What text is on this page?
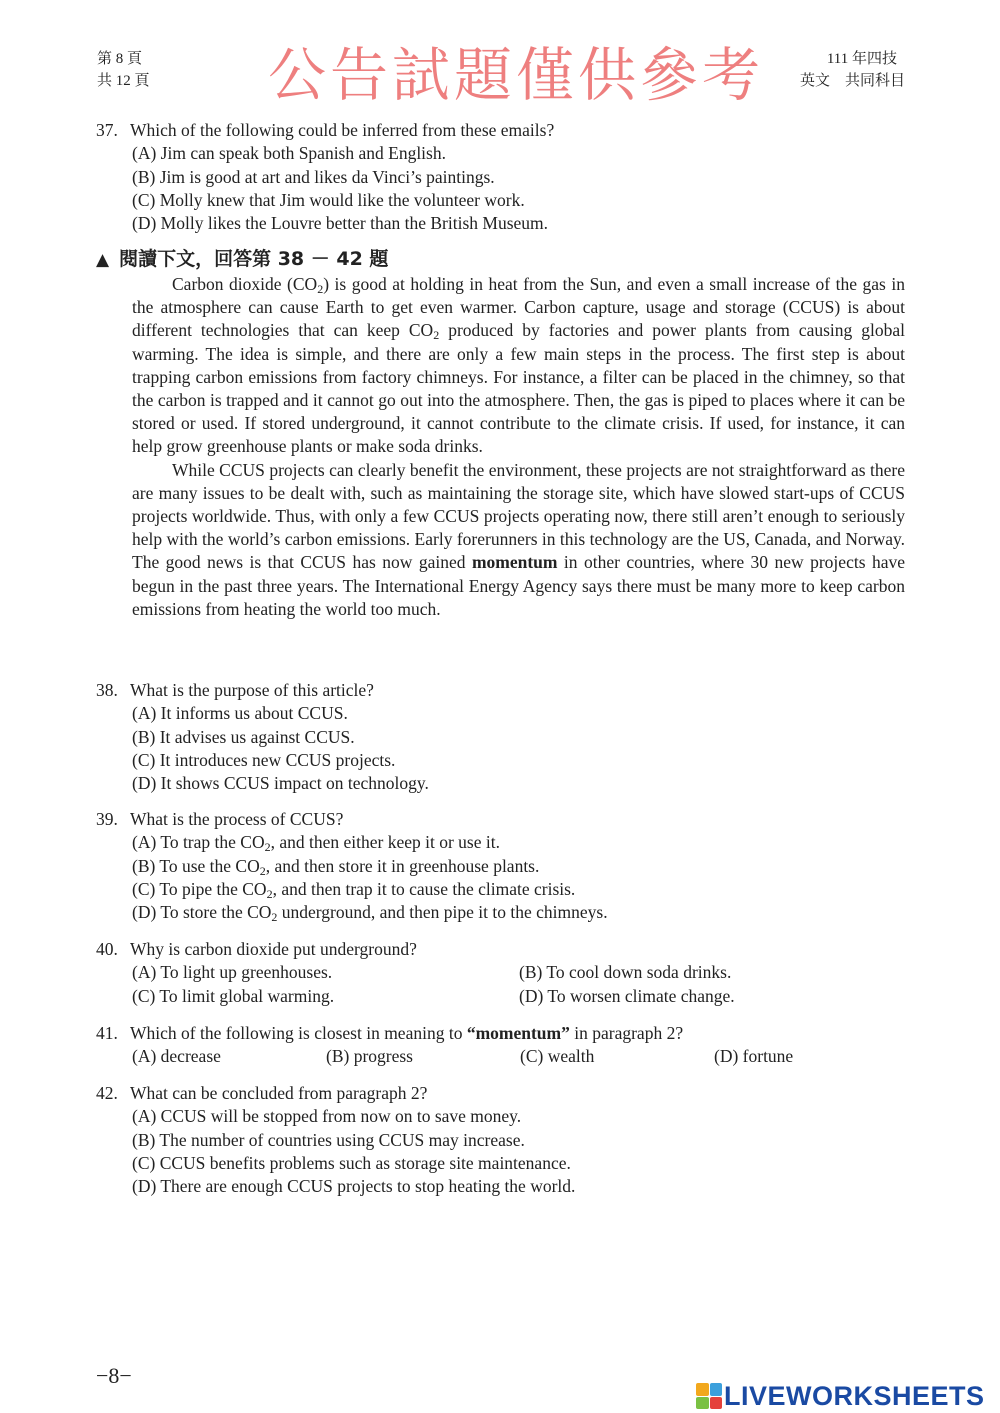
第 8 頁
共 12 頁 公告試題僅供參考	111 年四技
英文　共同科目
37. Which of the following could be inferred from these emails?
(A) Jim can speak both Spanish and English.
(B) Jim is good at art and likes da Vinci’s paintings.
(C) Molly knew that Jim would like the volunteer work.
(D) Molly likes the Louvre better than the British Museum.
▲ 閱讀下文，回答第 38 － 42 題

Carbon dioxide $(CO_2)$ is good at holding in heat from the Sun, and even a small increase of the gas in the atmosphere can cause Earth to get even warmer. Carbon capture, usage and storage (CCUS) is about different technologies that can keep $CO_2$ produced by factories and power plants from causing global warming. The idea is simple, and there are only a few main steps in the process. The first step is about trapping carbon emissions from factory chimneys. For instance, a filter can be placed in the chimney, so that the carbon is trapped and it cannot go out into the atmosphere. Then, the gas is piped to places where it can be stored or used. If stored underground, it cannot contribute to the climate crisis. If used, for instance, it can help grow greenhouse plants or make soda drinks.

While CCUS projects can clearly benefit the environment, these projects are not straightforward as there are many issues to be dealt with, such as maintaining the storage site, which have slowed start-ups of CCUS projects worldwide. Thus, with only a few CCUS projects operating now, there still aren’t enough to seriously help with the world’s carbon emissions. Early forerunners in this technology are the US, Canada, and Norway. The good news is that CCUS has now gained momentum in other countries, where 30 new projects have begun in the past three years. The International Energy Agency says there must be many more to keep carbon emissions from heating the world too much.

38. What is the purpose of this article?
(A) It informs us about CCUS.
(B) It advises us against CCUS.
(C) It introduces new CCUS projects.
(D) It shows CCUS impact on technology.
39. What is the process of CCUS?
(A) To trap the $CO_2$, and then either keep it or use it.
(B) To use the $CO_2$, and then store it in greenhouse plants.
(C) To pipe the $CO_2$, and then trap it to cause the climate crisis.
(D) To store the $CO_2$ underground, and then pipe it to the chimneys.
40. Why is carbon dioxide put underground?
(A) To light up greenhouses.	(B) To cool down soda drinks.
(C) To limit global warming.	(D) To worsen climate change.
41. Which of the following is closest in meaning to “momentum” in paragraph 2?
(A) decrease	(B) progress	(C) wealth	(D) fortune
42. What can be concluded from paragraph 2?
(A) CCUS will be stopped from now on to save money.
(B) The number of countries using CCUS may increase.
(C) CCUS benefits problems such as storage site maintenance.
(D) There are enough CCUS projects to stop heating the world.
−8−
LIVEWORKSHEETS
